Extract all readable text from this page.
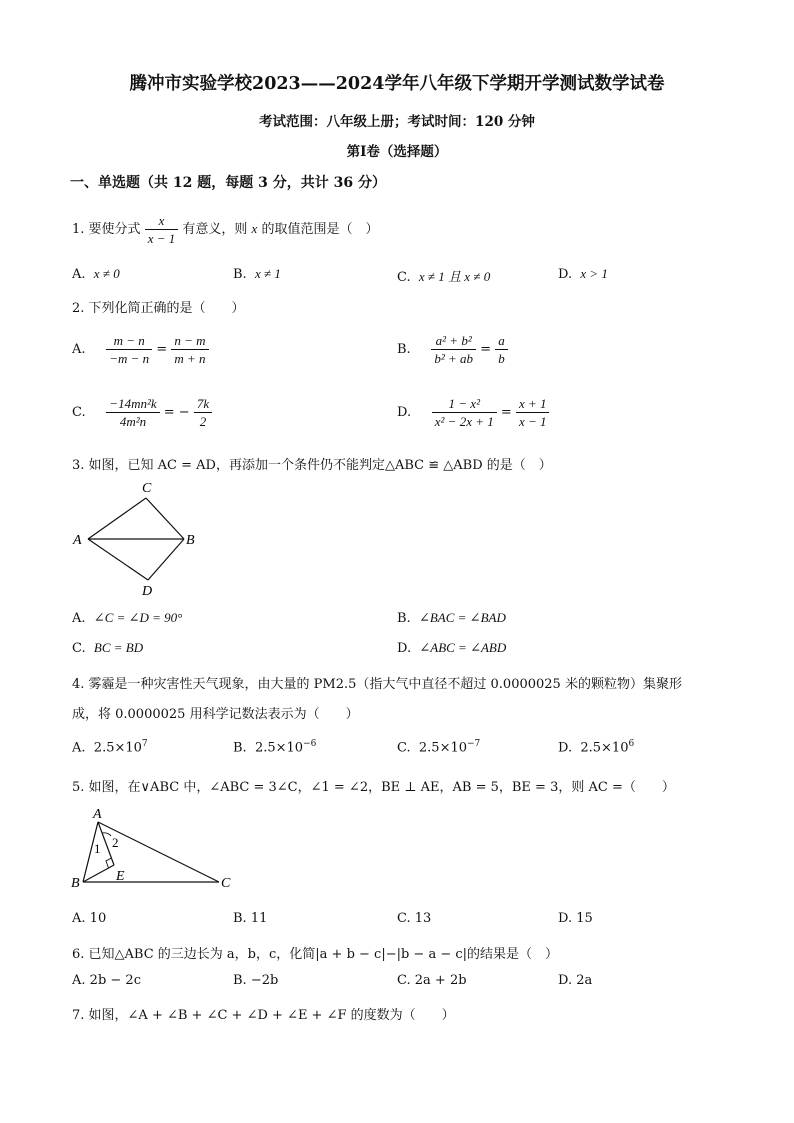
腾冲市实验学校2023——2024学年八年级下学期开学测试数学试卷
考试范围：八年级上册；考试时间：120 分钟
第Ⅰ卷（选择题）
一、单选题（共 12 题，每题 3 分，共计 36 分）
1. 要使分式 $\frac{x}{x - 1}$ 有意义，则 x 的取值范围是（　）
A. x ≠ 0	B. x ≠ 1	C. x ≠ 1 且 x ≠ 0	D. x > 1
2. 下列化简正确的是（　　）
A. $\frac{m - n}{-m - n} = \frac{n - m}{m + n}$	B. $\frac{\text{a² + b²}}{\text{b² + ab}} = \frac{a}{b}$
C. $\frac{\text{−14mn²k}}{\text{4m²n}}$ = − $\frac{7k}{2}$	D. $\frac{\text{1 − x²}}{\text{x² − 2x + 1}} = \frac{x + 1}{x - 1}$
3. 如图，已知 AC = AD，再添加一个条件仍不能判定△ABC ≌ △ABD 的是（　）
C
A	B
D
A. ∠C = ∠D = 90°	B. ∠BAC = ∠BAD
C. BC = BD	D. ∠ABC = ∠ABD
4. 雾霾是一种灾害性天气现象，由大量的 PM2.5（指大气中直径不超过 0.0000025 米的颗粒物）集聚形
成，将 0.0000025 用科学记数法表示为（　　）
A. $2.5\times 10^7$	B. $2.5\times 10^{-6}$	C. $2.5\times 10^{-7}$	D. $2.5\times 10^6$
5. 如图，在∨ABC 中，∠ABC = 3∠C，∠1 = ∠2，BE ⊥ AE，AB = 5，BE = 3，则 AC =（　　）
A
B	C
E
1 2
A. 10	B. 11	C. 13	D. 15
6. 已知△ABC 的三边长为 a，b，c，化简|a + b − c|−|b − a − c|的结果是（　）
A. 2b − 2c	B. −2b	C. 2a + 2b	D. 2a
7. 如图，∠A + ∠B + ∠C + ∠D + ∠E + ∠F 的度数为（　　）
